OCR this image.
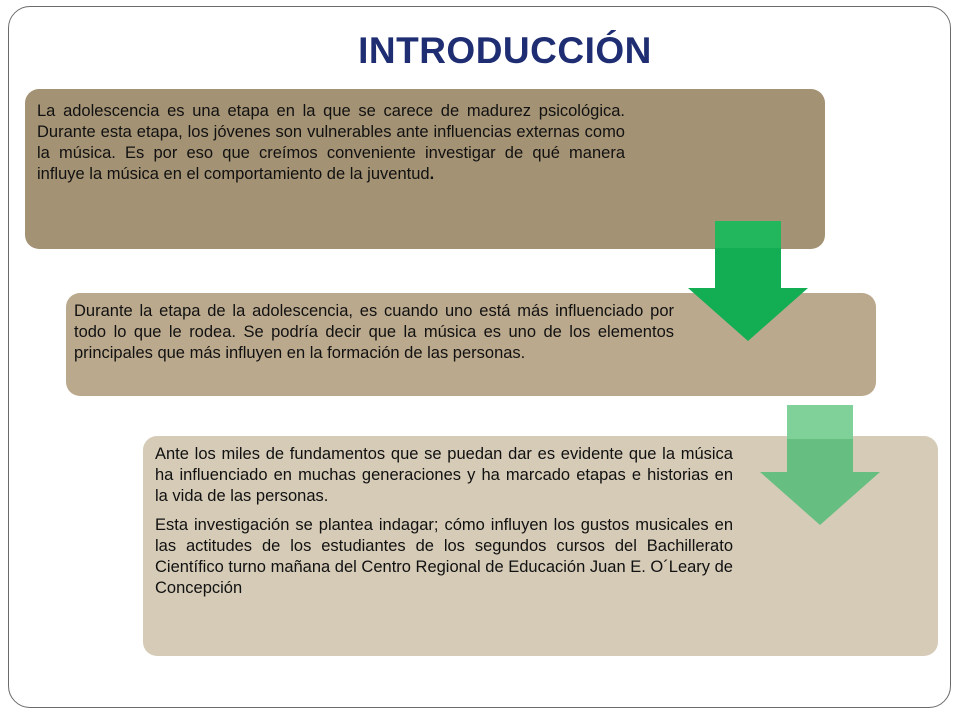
INTRODUCCIÓN

La adolescencia es una etapa en la que se carece de madurez psicológica. Durante esta etapa, los jóvenes son vulnerables ante influencias externas como la música. Es por eso que creímos conveniente investigar de qué manera influye la música en el comportamiento de la juventud.

Durante la etapa de la adolescencia, es cuando uno está más influenciado por todo lo que le rodea. Se podría decir que la música es uno de los elementos principales que más influyen en la formación de las personas.

Ante los miles de fundamentos que se puedan dar es evidente que la música ha influenciado en muchas generaciones y ha marcado etapas e historias en la vida de las personas.

Esta investigación se plantea indagar; cómo influyen los gustos musicales en las actitudes de los estudiantes de los segundos cursos del Bachillerato Científico turno mañana del Centro Regional de Educación Juan E. O´Leary de Concepción.
